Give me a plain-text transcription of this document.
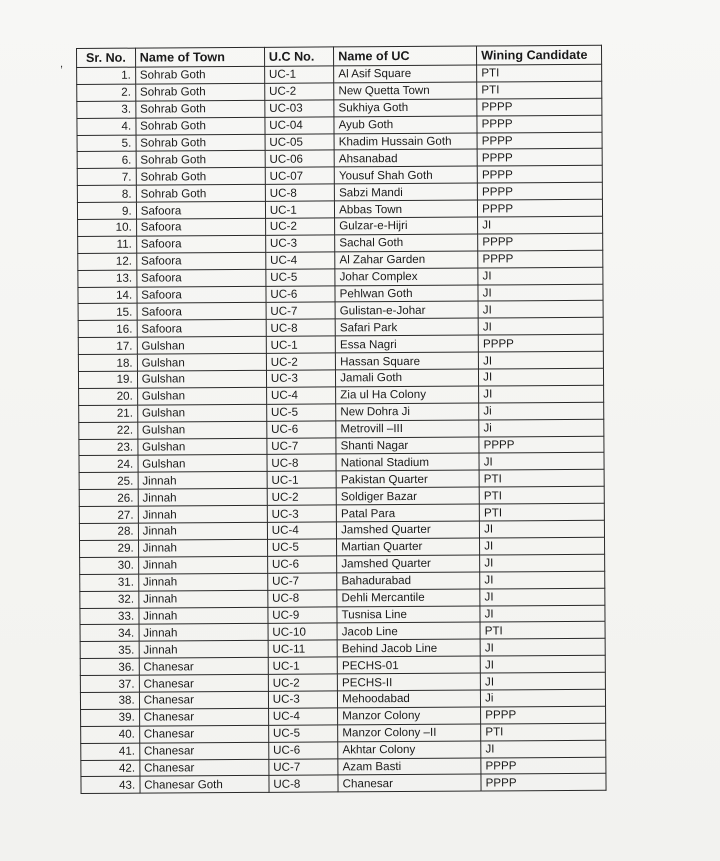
, Sr. No.	Name of Town	U.C No.	Name of UC	Wining Candidate
1.	Sohrab Goth	UC-1	Al Asif Square	PTI
2.	Sohrab Goth	UC-2	New Quetta Town	PTI
3.	Sohrab Goth	UC-03	Sukhiya Goth	PPPP
4.	Sohrab Goth	UC-04	Ayub Goth	PPPP
5.	Sohrab Goth	UC-05	Khadim Hussain Goth	PPPP
6.	Sohrab Goth	UC-06	Ahsanabad	PPPP
7.	Sohrab Goth	UC-07	Yousuf Shah Goth	PPPP
8.	Sohrab Goth	UC-8	Sabzi Mandi	PPPP
9.	Safoora	UC-1	Abbas Town	PPPP
10.	Safoora	UC-2	Gulzar-e-Hijri	JI
11.	Safoora	UC-3	Sachal Goth	PPPP
12.	Safoora	UC-4	Al Zahar Garden	PPPP
13.	Safoora	UC-5	Johar Complex	JI
14.	Safoora	UC-6	Pehlwan Goth	JI
15.	Safoora	UC-7	Gulistan-e-Johar	JI
16.	Safoora	UC-8	Safari Park	JI
17.	Gulshan	UC-1	Essa Nagri	PPPP
18.	Gulshan	UC-2	Hassan Square	JI
19.	Gulshan	UC-3	Jamali Goth	JI
20.	Gulshan	UC-4	Zia ul Ha Colony	JI
21.	Gulshan	UC-5	New Dohra Ji	Ji
22.	Gulshan	UC-6	Metrovill –III	Ji
23.	Gulshan	UC-7	Shanti Nagar	PPPP
24.	Gulshan	UC-8	National Stadium	JI
25.	Jinnah	UC-1	Pakistan Quarter	PTI
26.	Jinnah	UC-2	Soldiger Bazar	PTI
27.	Jinnah	UC-3	Patal Para	PTI
28.	Jinnah	UC-4	Jamshed Quarter	JI
29.	Jinnah	UC-5	Martian Quarter	JI
30.	Jinnah	UC-6	Jamshed Quarter	JI
31.	Jinnah	UC-7	Bahadurabad	JI
32.	Jinnah	UC-8	Dehli Mercantile	JI
33.	Jinnah	UC-9	Tusnisa Line	JI
34.	Jinnah	UC-10	Jacob Line	PTI
35.	Jinnah	UC-11	Behind Jacob Line	JI
36.	Chanesar	UC-1	PECHS-01	JI
37.	Chanesar	UC-2	PECHS-II	JI
38.	Chanesar	UC-3	Mehoodabad	Ji
39.	Chanesar	UC-4	Manzor Colony	PPPP
40.	Chanesar	UC-5	Manzor Colony –II	PTI
41.	Chanesar	UC-6	Akhtar Colony	JI
42.	Chanesar	UC-7	Azam Basti	PPPP
43.	Chanesar Goth	UC-8	Chanesar	PPPP
